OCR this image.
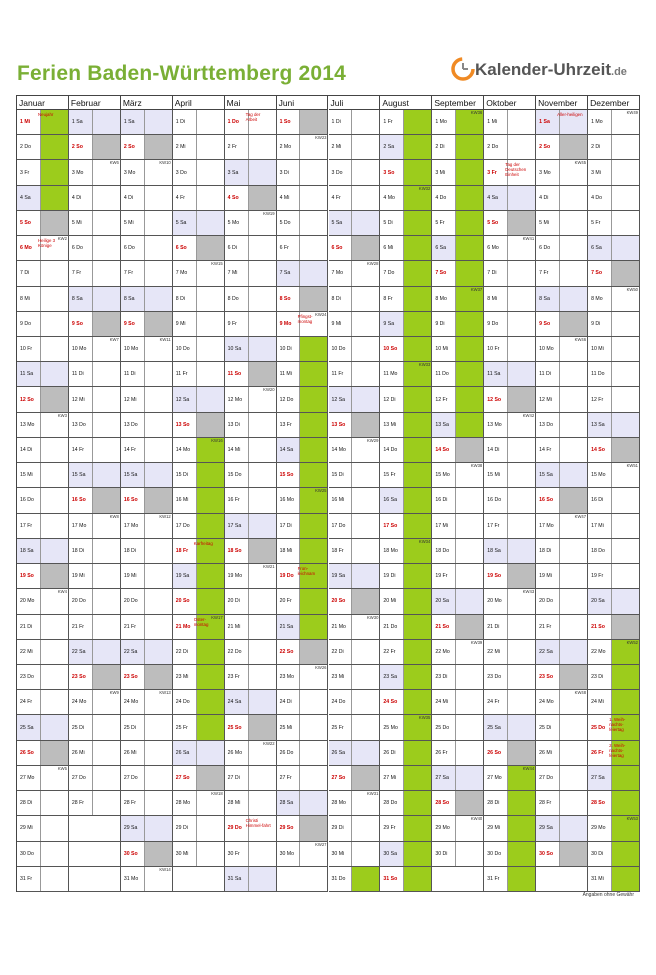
Ferien Baden-Württemberg 2014	Kalender-Uhrzeit.de
Januar
1 Mi
Neujahr
2 Do
3 Fr
4 Sa
5 So
6 Mo
KW2
Heilige 3 Könige
7 Di
8 Mi
9 Do
10 Fr
11 Sa
12 So
13 Mo
KW3
14 Di
15 Mi
16 Do
17 Fr
18 Sa
19 So
20 Mo
KW4
21 Di
22 Mi
23 Do
24 Fr
25 Sa
26 So
27 Mo
KW5
28 Di
29 Mi
30 Do
31 Fr
Februar
1 Sa
2 So
3 Mo
KW6
4 Di
5 Mi
6 Do
7 Fr
8 Sa
9 So
10 Mo
KW7
11 Di
12 Mi
13 Do
14 Fr
15 Sa
16 So
17 Mo
KW8
18 Di
19 Mi
20 Do
21 Fr
22 Sa
23 So
24 Mo
KW9
25 Di
26 Mi
27 Do
28 Fr
März
1 Sa
2 So
3 Mo
KW10
4 Di
5 Mi
6 Do
7 Fr
8 Sa
9 So
10 Mo
KW11
11 Di
12 Mi
13 Do
14 Fr
15 Sa
16 So
17 Mo
KW12
18 Di
19 Mi
20 Do
21 Fr
22 Sa
23 So
24 Mo
KW13
25 Di
26 Mi
27 Do
28 Fr
29 Sa
30 So
31 Mo
KW14
April
1 Di
2 Mi
3 Do
4 Fr
5 Sa
6 So
7 Mo
KW15
8 Di
9 Mi
10 Do
11 Fr
12 Sa
13 So
14 Mo
KW16
15 Di
16 Mi
17 Do
18 Fr
Karfreitag
19 Sa
20 So
21 Mo
KW17
Oster-montag
22 Di
23 Mi
24 Do
25 Fr
26 Sa
27 So
28 Mo
KW18
29 Di
30 Mi
Mai
1 Do
Tag der Arbeit
2 Fr
3 Sa
4 So
5 Mo
KW19
6 Di
7 Mi
8 Do
9 Fr
10 Sa
11 So
12 Mo
KW20
13 Di
14 Mi
15 Do
16 Fr
17 Sa
18 So
19 Mo
KW21
20 Di
21 Mi
22 Do
23 Fr
24 Sa
25 So
26 Mo
KW22
27 Di
28 Mi
29 Do
Christi Himmel-fahrt
30 Fr
31 Sa
Juni
1 So
2 Mo
KW23
3 Di
4 Mi
5 Do
6 Fr
7 Sa
8 So
9 Mo
KW24
Pfingst-montag
10 Di
11 Mi
12 Do
13 Fr
14 Sa
15 So
16 Mo
KW25
17 Di
18 Mi
19 Do
Fron-leichnam
20 Fr
21 Sa
22 So
23 Mo
KW26
24 Di
25 Mi
26 Do
27 Fr
28 Sa
29 So
30 Mo
KW27
Juli
1 Di
2 Mi
3 Do
4 Fr
5 Sa
6 So
7 Mo
KW28
8 Di
9 Mi
10 Do
11 Fr
12 Sa
13 So
14 Mo
KW29
15 Di
16 Mi
17 Do
18 Fr
19 Sa
20 So
21 Mo
KW30
22 Di
23 Mi
24 Do
25 Fr
26 Sa
27 So
28 Mo
KW31
29 Di
30 Mi
31 Do
August
1 Fr
2 Sa
3 So
4 Mo
KW32
5 Di
6 Mi
7 Do
8 Fr
9 Sa
10 So
11 Mo
KW33
12 Di
13 Mi
14 Do
15 Fr
16 Sa
17 So
18 Mo
KW34
19 Di
20 Mi
21 Do
22 Fr
23 Sa
24 So
25 Mo
KW35
26 Di
27 Mi
28 Do
29 Fr
30 Sa
31 So
September
1 Mo
KW36
2 Di
3 Mi
4 Do
5 Fr
6 Sa
7 So
8 Mo
KW37
9 Di
10 Mi
11 Do
12 Fr
13 Sa
14 So
15 Mo
KW38
16 Di
17 Mi
18 Do
19 Fr
20 Sa
21 So
22 Mo
KW39
23 Di
24 Mi
25 Do
26 Fr
27 Sa
28 So
29 Mo
KW40
30 Di
Oktober
1 Mi
2 Do
3 Fr
Tag der Deutschen Einheit
4 Sa
5 So
6 Mo
KW41
7 Di
8 Mi
9 Do
10 Fr
11 Sa
12 So
13 Mo
KW42
14 Di
15 Mi
16 Do
17 Fr
18 Sa
19 So
20 Mo
KW43
21 Di
22 Mi
23 Do
24 Fr
25 Sa
26 So
27 Mo
KW44
28 Di
29 Mi
30 Do
31 Fr
November
1 Sa
Aller-heiligen
2 So
3 Mo
KW45
4 Di
5 Mi
6 Do
7 Fr
8 Sa
9 So
10 Mo
KW46
11 Di
12 Mi
13 Do
14 Fr
15 Sa
16 So
17 Mo
KW47
18 Di
19 Mi
20 Do
21 Fr
22 Sa
23 So
24 Mo
KW48
25 Di
26 Mi
27 Do
28 Fr
29 Sa
30 So
Dezember
1 Mo
KW49
2 Di
3 Mi
4 Do
5 Fr
6 Sa
7 So
8 Mo
KW50
9 Di
10 Mi
11 Do
12 Fr
13 Sa
14 So
15 Mo
KW51
16 Di
17 Mi
18 Do
19 Fr
20 Sa
21 So
22 Mo
KW52
23 Di
24 Mi
25 Do
1. Weih-nachts-feiertag
26 Fr
2. Weih-nachts-feiertag
27 Sa
28 So
29 Mo
KW53
30 Di
31 Mi
Angaben ohne Gewähr
